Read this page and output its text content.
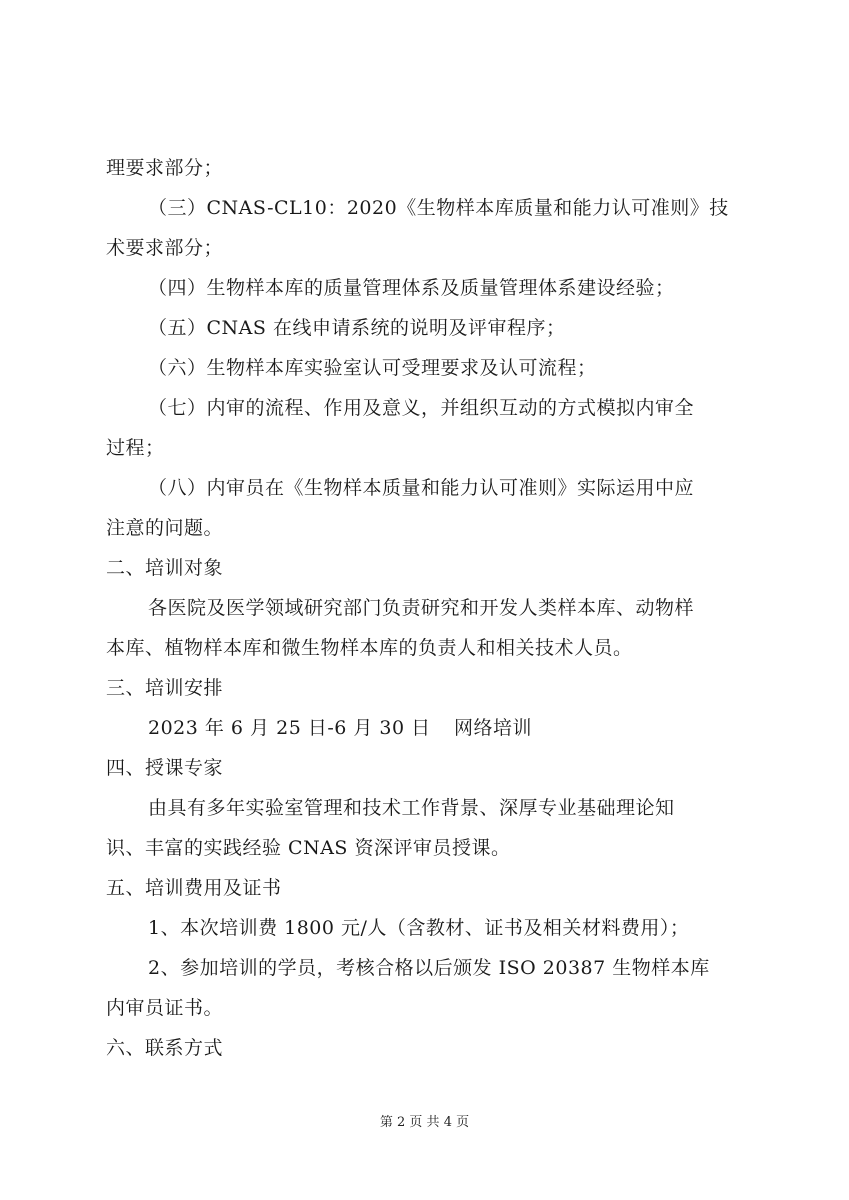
理要求部分；
（三）CNAS-CL10：2020《生物样本库质量和能力认可准则》技
术要求部分；
（四）生物样本库的质量管理体系及质量管理体系建设经验；
（五）CNAS 在线申请系统的说明及评审程序；
（六）生物样本库实验室认可受理要求及认可流程；
（七）内审的流程、作用及意义，并组织互动的方式模拟内审全
过程；
（八）内审员在《生物样本质量和能力认可准则》实际运用中应
注意的问题。
二、培训对象
各医院及医学领域研究部门负责研究和开发人类样本库、动物样
本库、植物样本库和微生物样本库的负责人和相关技术人员。
三、培训安排
2023 年 6 月 25 日-6 月 30 日	网络培训
四、授课专家
由具有多年实验室管理和技术工作背景、深厚专业基础理论知
识、丰富的实践经验 CNAS 资深评审员授课。
五、培训费用及证书
1、本次培训费 1800 元/人（含教材、证书及相关材料费用）；
2、参加培训的学员，考核合格以后颁发 ISO 20387 生物样本库
内审员证书。
六、联系方式
第 2 页 共 4 页
